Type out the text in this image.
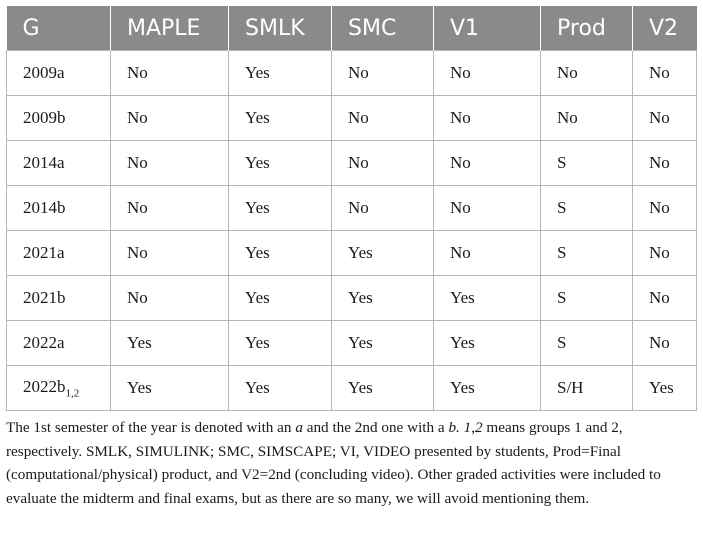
G	MAPLE	SMLK	SMC	V1	Prod	V2
2009a	No	Yes	No	No	No	No
2009b	No	Yes	No	No	No	No
2014a	No	Yes	No	No	S	No
2014b	No	Yes	No	No	S	No
2021a	No	Yes	Yes	No	S	No
2021b	No	Yes	Yes	Yes	S	No
2022a	Yes	Yes	Yes	Yes	S	No
$2022b_{1,2}$	Yes	Yes	Yes	Yes	S/H	Yes
The 1st semester of the year is denoted with an a and the 2nd one with a b. 1,2 means groups 1 and 2, respectively. SMLK, SIMULINK; SMC, SIMSCAPE; VI, VIDEO presented by students, Prod=Final (computational/physical) product, and V2=2nd (concluding video). Other graded activities were included to evaluate the midterm and final exams, but as there are so many, we will avoid mentioning them.
